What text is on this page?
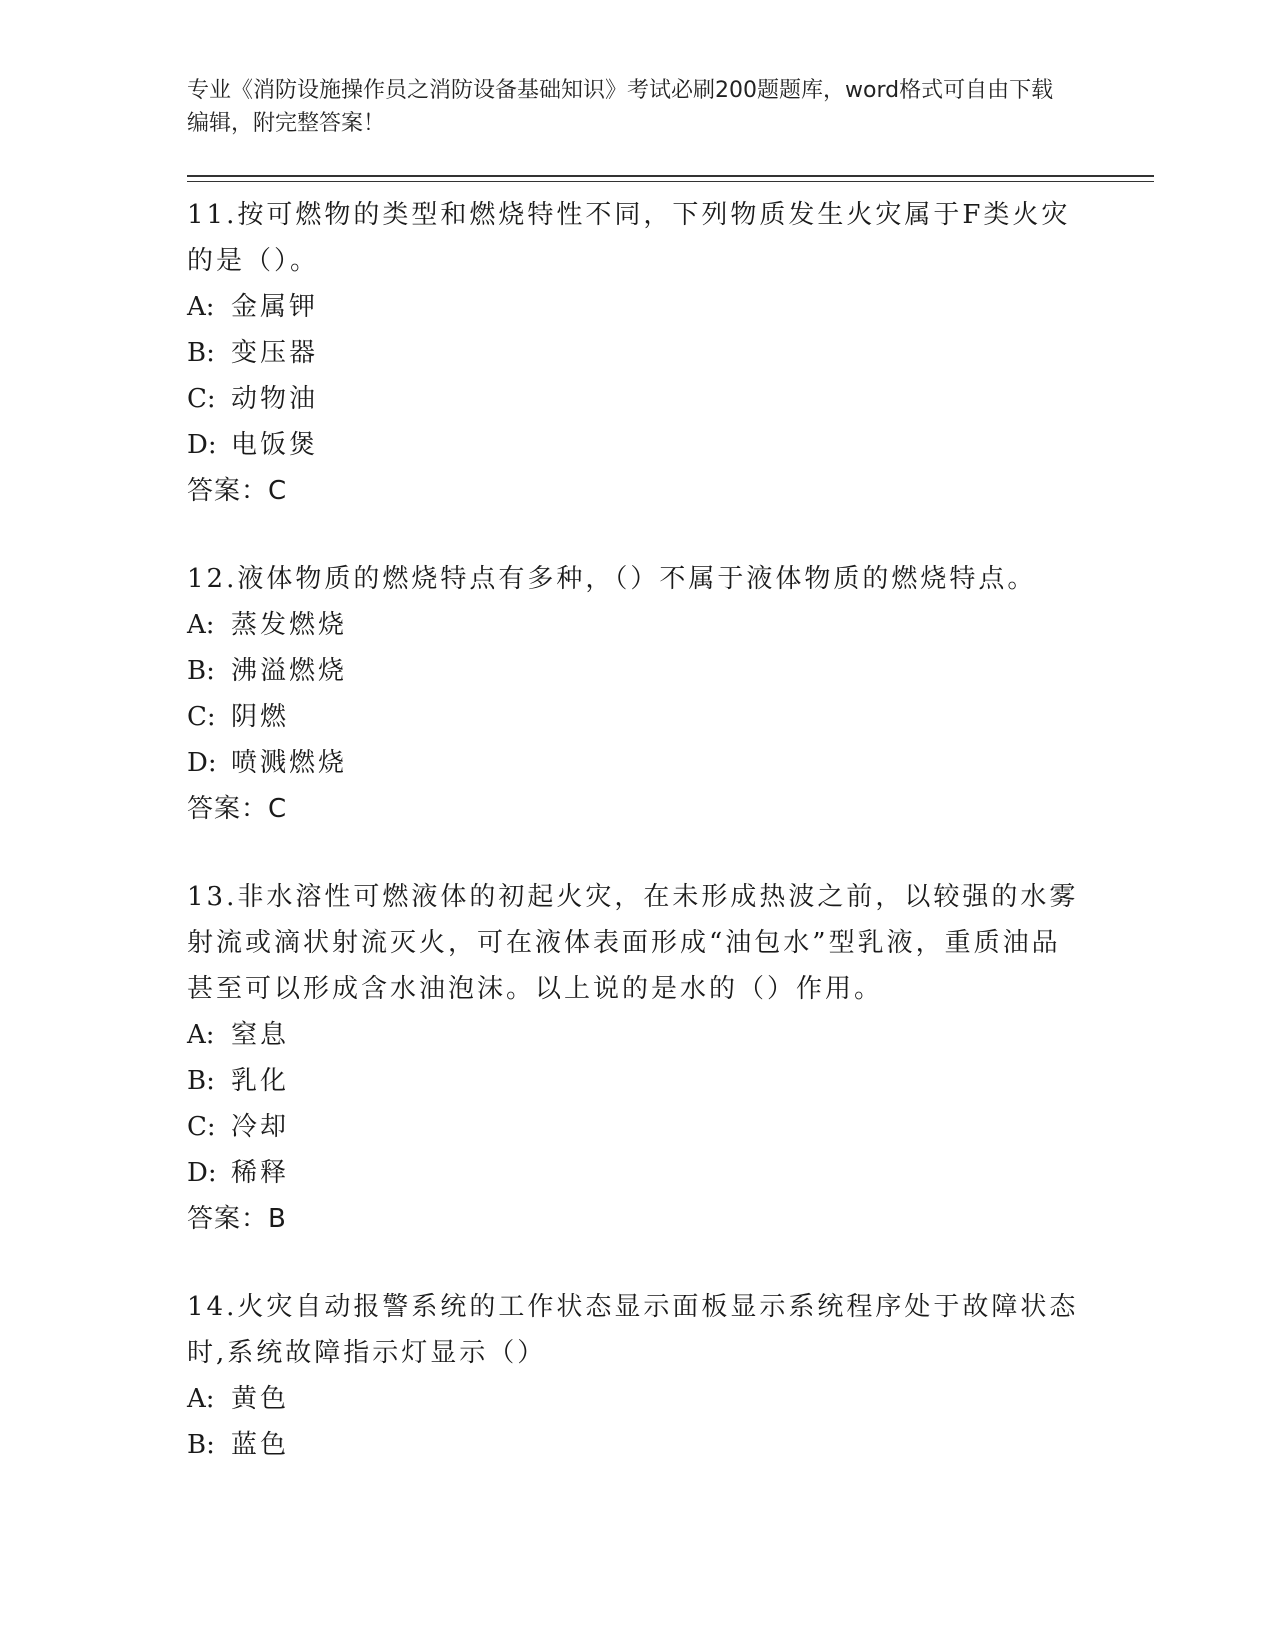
专业《消防设施操作员之消防设备基础知识》考试必刷200题题库，word格式可自由下载编辑，附完整答案！
11.按可燃物的类型和燃烧特性不同，下列物质发生火灾属于F类火灾的是（）。
A: 金属钾
B: 变压器
C: 动物油
D: 电饭煲
答案：C
12.液体物质的燃烧特点有多种，（）不属于液体物质的燃烧特点。
A: 蒸发燃烧
B: 沸溢燃烧
C: 阴燃
D: 喷溅燃烧
答案：C
13.非水溶性可燃液体的初起火灾，在未形成热波之前，以较强的水雾射流或滴状射流灭火，可在液体表面形成“油包水”型乳液，重质油品甚至可以形成含水油泡沫。以上说的是水的（）作用。
A: 窒息
B: 乳化
C: 冷却
D: 稀释
答案：B
14.火灾自动报警系统的工作状态显示面板显示系统程序处于故障状态时,系统故障指示灯显示（）
A: 黄色
B: 蓝色
